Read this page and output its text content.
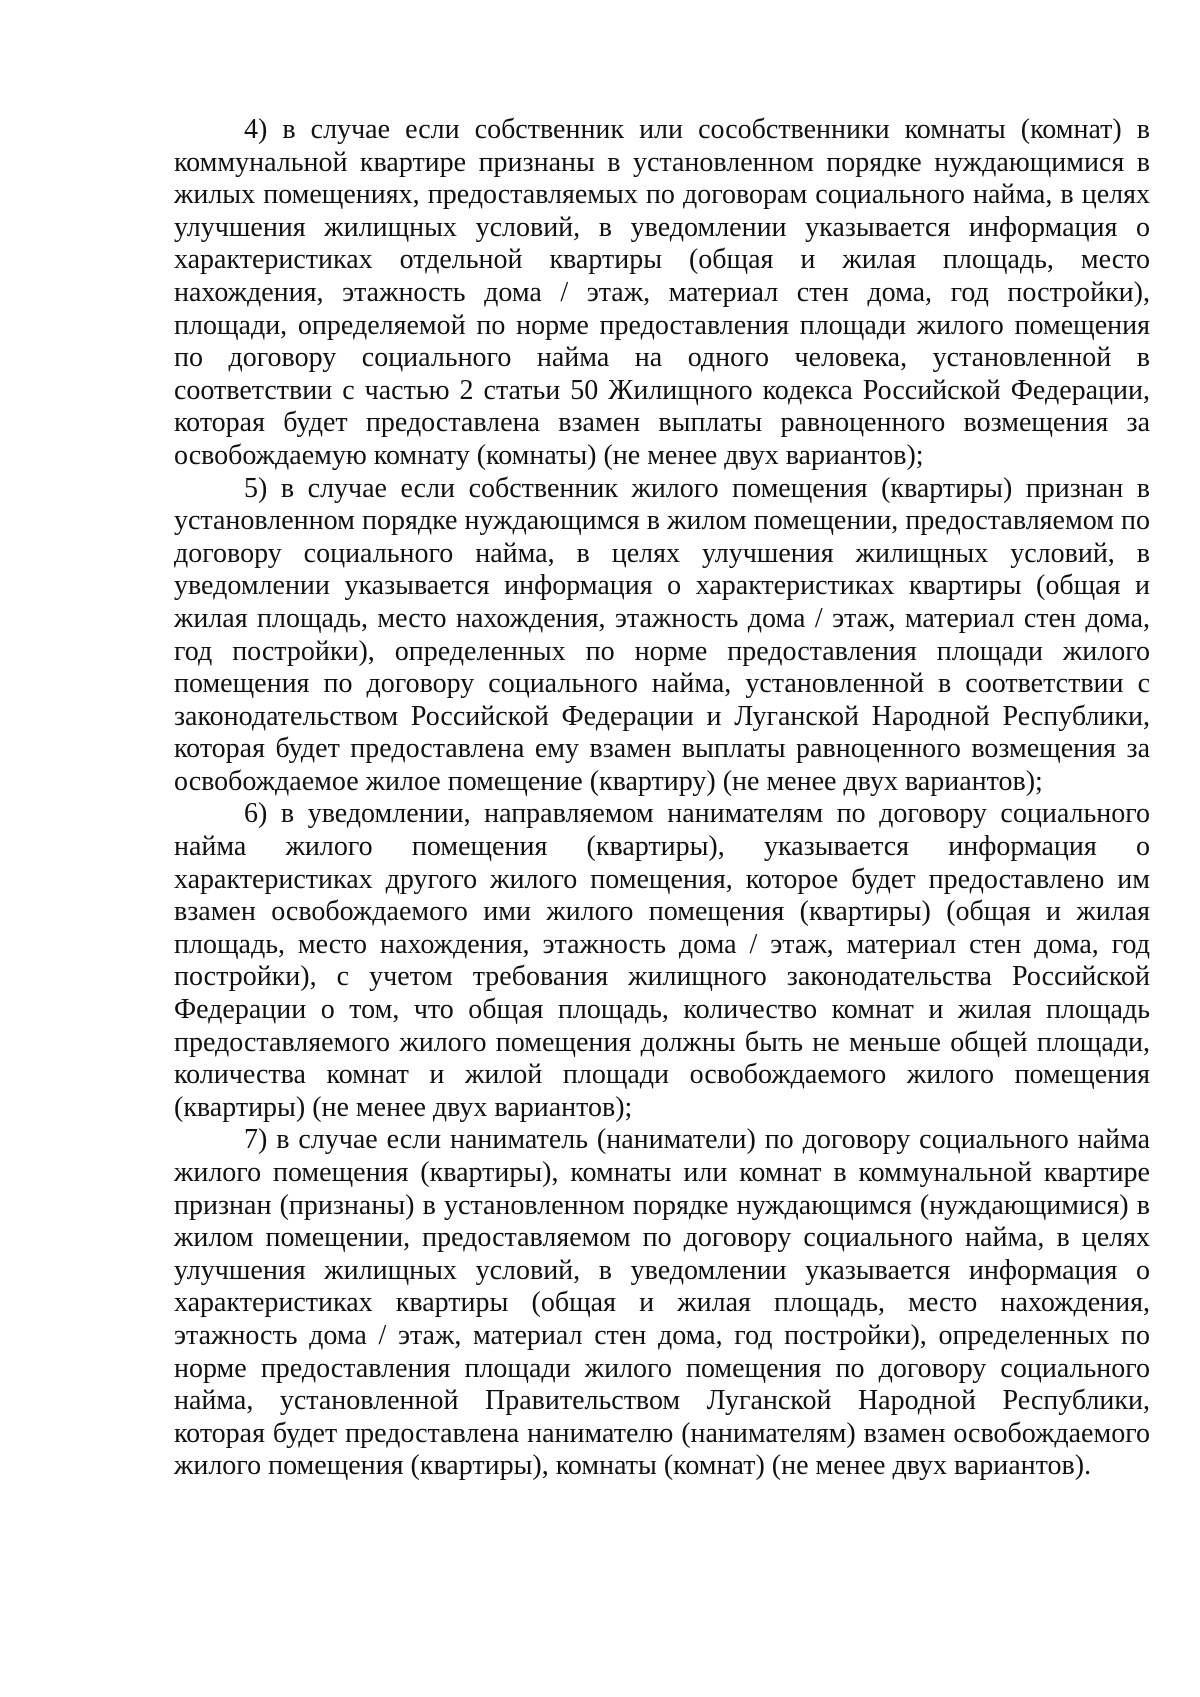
4) в случае если собственник или сособственники комнаты (комнат) в коммунальной квартире признаны в установленном порядке нуждающимися в жилых помещениях, предоставляемых по договорам социального найма, в целях улучшения жилищных условий, в уведомлении указывается информация о характеристиках отдельной квартиры (общая и жилая площадь, место нахождения, этажность дома / этаж, материал стен дома, год постройки), площади, определяемой по норме предоставления площади жилого помещения по договору социального найма на одного человека, установленной в соответствии с частью 2 статьи 50 Жилищного кодекса Российской Федерации, которая будет предоставлена взамен выплаты равноценного возмещения за освобождаемую комнату (комнаты) (не менее двух вариантов);

5) в случае если собственник жилого помещения (квартиры) признан в установленном порядке нуждающимся в жилом помещении, предоставляемом по договору социального найма, в целях улучшения жилищных условий, в уведомлении указывается информация о характеристиках квартиры (общая и жилая площадь, место нахождения, этажность дома / этаж, материал стен дома, год постройки), определенных по норме предоставления площади жилого помещения по договору социального найма, установленной в соответствии с законодательством Российской Федерации и Луганской Народной Республики, которая будет предоставлена ему взамен выплаты равноценного возмещения за освобождаемое жилое помещение (квартиру) (не менее двух вариантов);

6) в уведомлении, направляемом нанимателям по договору социального найма жилого помещения (квартиры), указывается информация о характеристиках другого жилого помещения, которое будет предоставлено им взамен освобождаемого ими жилого помещения (квартиры) (общая и жилая площадь, место нахождения, этажность дома / этаж, материал стен дома, год постройки), с учетом требования жилищного законодательства Российской Федерации о том, что общая площадь, количество комнат и жилая площадь предоставляемого жилого помещения должны быть не меньше общей площади, количества комнат и жилой площади освобождаемого жилого помещения (квартиры) (не менее двух вариантов);

7) в случае если наниматель (наниматели) по договору социального найма жилого помещения (квартиры), комнаты или комнат в коммунальной квартире признан (признаны) в установленном порядке нуждающимся (нуждающимися) в жилом помещении, предоставляемом по договору социального найма, в целях улучшения жилищных условий, в уведомлении указывается информация о характеристиках квартиры (общая и жилая площадь, место нахождения, этажность дома / этаж, материал стен дома, год постройки), определенных по норме предоставления площади жилого помещения по договору социального найма, установленной Правительством Луганской Народной Республики, которая будет предоставлена нанимателю (нанимателям) взамен освобождаемого жилого помещения (квартиры), комнаты (комнат) (не менее двух вариантов).
